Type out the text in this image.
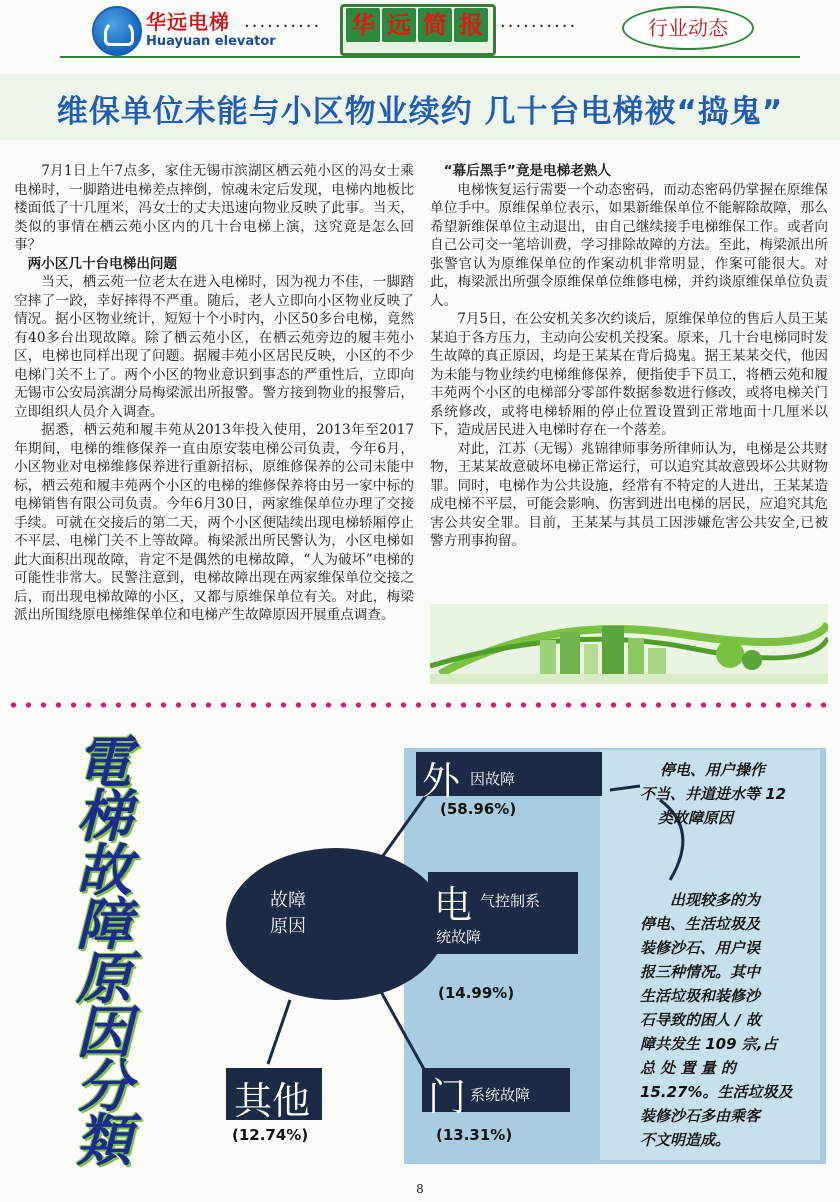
华远电梯
Huayuan elevator
·········· 华 远 简 报 ··········	行业动态
维保单位未能与小区物业续约 几十台电梯被“捣鬼”

7月1日上午7点多，家住无锡市滨湖区栖云苑小区的冯女士乘电梯时，一脚踏进电梯差点摔倒，惊魂未定后发现，电梯内地板比楼面低了十几厘米，冯女士的丈夫迅速向物业反映了此事。当天，类似的事情在栖云苑小区内的几十台电梯上演，这究竟是怎么回事？

两小区几十台电梯出问题

当天，栖云苑一位老太在进入电梯时，因为视力不佳，一脚踏空摔了一跤，幸好摔得不严重。随后，老人立即向小区物业反映了情况。据小区物业统计，短短十个小时内，小区50多台电梯，竟然有40多台出现故障。除了栖云苑小区，在栖云苑旁边的履丰苑小区，电梯也同样出现了问题。据履丰苑小区居民反映，小区的不少电梯门关不上了。两个小区的物业意识到事态的严重性后，立即向无锡市公安局滨湖分局梅梁派出所报警。警方接到物业的报警后，立即组织人员介入调查。

据悉，栖云苑和履丰苑从2013年投入使用，2013年至2017年期间，电梯的维修保养一直由原安装电梯公司负责，今年6月，小区物业对电梯维修保养进行重新招标，原维修保养的公司未能中标，栖云苑和履丰苑两个小区的电梯的维修保养将由另一家中标的电梯销售有限公司负责。今年6月30日，两家维保单位办理了交接手续。可就在交接后的第二天，两个小区便陆续出现电梯轿厢停止不平层、电梯门关不上等故障。梅梁派出所民警认为，小区电梯如此大面积出现故障，肯定不是偶然的电梯故障，“人为破坏”电梯的可能性非常大。民警注意到，电梯故障出现在两家维保单位交接之后，而出现电梯故障的小区，又都与原维保单位有关。对此，梅梁派出所围绕原电梯维保单位和电梯产生故障原因开展重点调查。

“幕后黑手”竟是电梯老熟人

电梯恢复运行需要一个动态密码，而动态密码仍掌握在原维保单位手中。原维保单位表示，如果新维保单位不能解除故障，那么希望新维保单位主动退出，由自己继续接手电梯维保工作。或者向自己公司交一笔培训费，学习排除故障的方法。至此，梅梁派出所张警官认为原维保单位的作案动机非常明显，作案可能很大。对此，梅梁派出所强令原维保单位维修电梯，并约谈原维保单位负责人。

7月5日，在公安机关多次约谈后，原维保单位的售后人员王某某迫于各方压力，主动向公安机关投案。原来，几十台电梯同时发生故障的真正原因，均是王某某在背后捣鬼。据王某某交代，他因为未能与物业续约电梯维修保养，便指使手下员工，将栖云苑和履丰苑两个小区的电梯部分零部件数据参数进行修改，或将电梯关门系统修改，或将电梯轿厢的停止位置设置到正常地面十几厘米以下，造成居民进入电梯时存在一个落差。

对此，江苏（无锡）兆锦律师事务所律师认为，电梯是公共财物，王某某故意破坏电梯正常运行，可以追究其故意毁坏公共财物罪。同时，电梯作为公共设施，经常有不特定的人进出，王某某造成电梯不平层，可能会影响、伤害到进出电梯的居民，应追究其危害公共安全罪。目前，王某某与其员工因涉嫌危害公共安全,已被警方刑事拘留。

電
梯
故
障
原
因
分
類
故障
原因
外 因故障
(58.96%)
电 气控制系
统故障
(14.99%)
门 系统故障
(13.31%)
其他
(12.74%)
停电、用户操作
不当、井道进水等 12
类故障原因
出现较多的为
停电、生活垃圾及
装修沙石、用户误
报三种情况。其中
生活垃圾和装修沙
石导致的困人 / 故
障共发生 109 宗,占
总 处 置 量 的
15.27%。生活垃圾及
装修沙石多由乘客
不文明造成。
8
